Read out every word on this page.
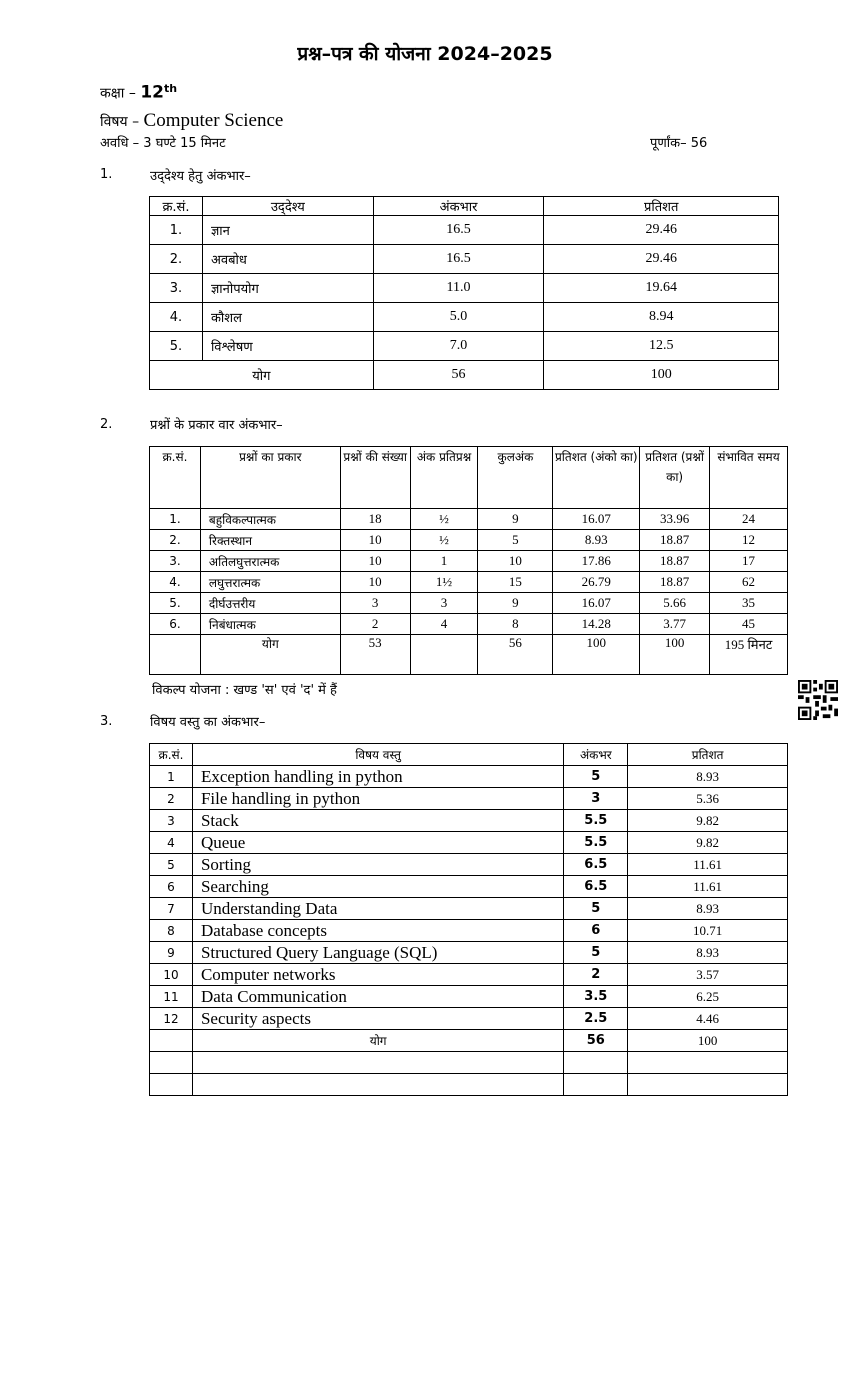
प्रश्न–पत्र की योजना 2024–2025
कक्षा – 12th
विषय – Computer Science
अवधि – 3 घण्टे 15 मिनट	पूर्णांक– 56
1.	उद्‌देश्य हेतु अंकभार–
क्र.सं.	उद्‌देश्य	अंकभार	प्रतिशत
1.	ज्ञान	16.5	29.46
2.	अवबोध	16.5	29.46
3.	ज्ञानोपयोग	11.0	19.64
4.	कौशल	5.0	8.94
5.	विश्लेषण	7.0	12.5
योग		56	100
2.	प्रश्नों के प्रकार वार अंकभार–
क्र.सं.	प्रश्नों का प्रकार	प्रश्नों की संख्या	अंक प्रतिप्रश्न	कुलअंक	प्रतिशत (अंको का)	प्रतिशत (प्रश्नों का)	संभावित समय
1.	बहुविकल्पात्मक	18	½	9	16.07	33.96	24
2.	रिक्तस्थान	10	½	5	8.93	18.87	12
3.	अतिलघुत्तरात्मक	10	1	10	17.86	18.87	17
4.	लघुत्तरात्मक	10	1½	15	26.79	18.87	62
5.	दीर्घउत्तरीय	3	3	9	16.07	5.66	35
6.	निबंधात्मक	2	4	8	14.28	3.77	45
	योग	53		56	100	100	195 मिनट
विकल्प योजना : खण्ड 'स' एवं 'द' में हैं
3.	विषय वस्तु का अंकभार–
क्र.सं.	विषय वस्तु	अंकभर	प्रतिशत
1	Exception handling in python	5	8.93
2	File handling in python	3	5.36
3	Stack	5.5	9.82
4	Queue	5.5	9.82
5	Sorting	6.5	11.61
6	Searching	6.5	11.61
7	Understanding Data	5	8.93
8	Database concepts	6	10.71
9	Structured Query Language (SQL)	5	8.93
10	Computer networks	2	3.57
11	Data Communication	3.5	6.25
12	Security aspects	2.5	4.46
	योग	56	100
